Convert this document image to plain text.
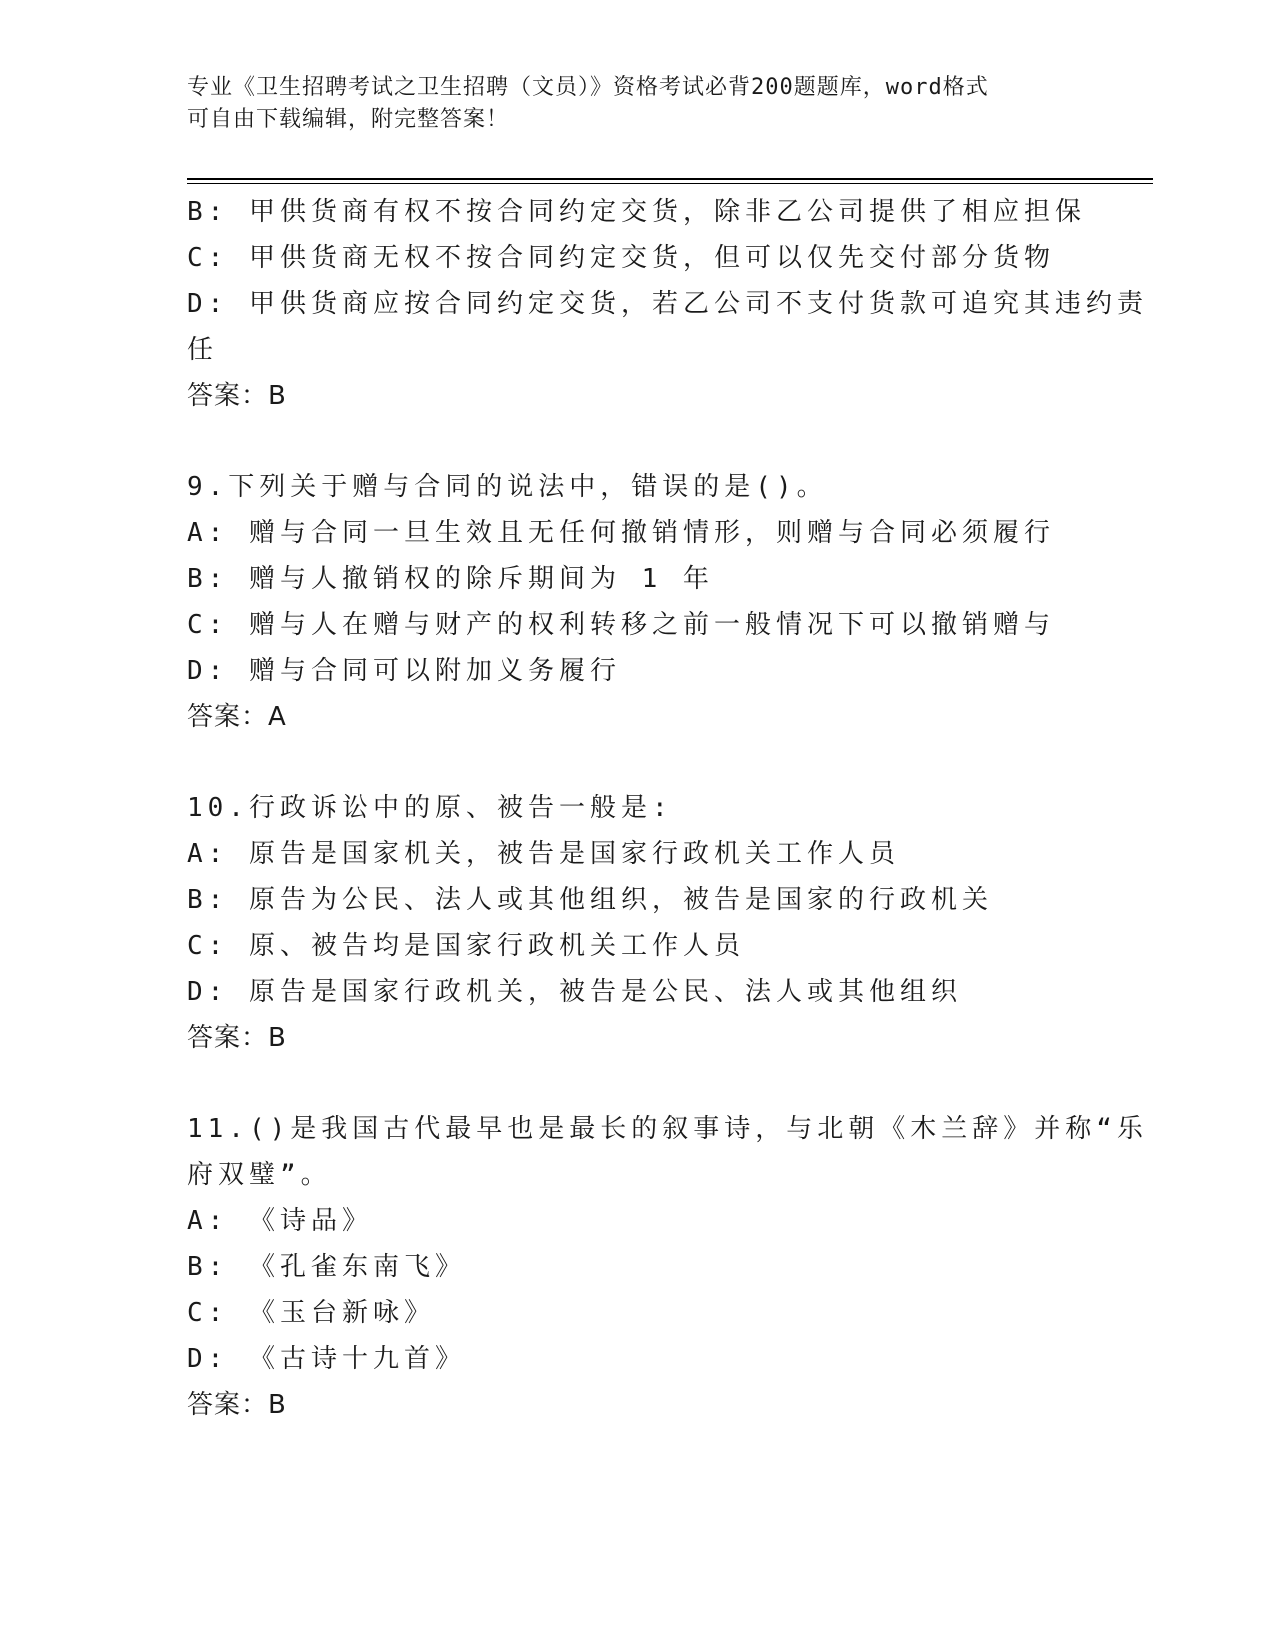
专业《卫生招聘考试之卫生招聘（文员）》资格考试必背200题题库，word格式
可自由下载编辑，附完整答案！
B: 甲供货商有权不按合同约定交货，除非乙公司提供了相应担保
C: 甲供货商无权不按合同约定交货，但可以仅先交付部分货物
D: 甲供货商应按合同约定交货，若乙公司不支付货款可追究其违约责
任
答案：B
9.下列关于赠与合同的说法中，错误的是()。
A: 赠与合同一旦生效且无任何撤销情形，则赠与合同必须履行
B: 赠与人撤销权的除斥期间为 1 年
C: 赠与人在赠与财产的权利转移之前一般情况下可以撤销赠与
D: 赠与合同可以附加义务履行
答案：A
10.行政诉讼中的原、被告一般是:
A: 原告是国家机关，被告是国家行政机关工作人员
B: 原告为公民、法人或其他组织，被告是国家的行政机关
C: 原、被告均是国家行政机关工作人员
D: 原告是国家行政机关，被告是公民、法人或其他组织
答案：B
11.()是我国古代最早也是最长的叙事诗，与北朝《木兰辞》并称“乐
府双璧”。
A: 《诗品》
B: 《孔雀东南飞》
C: 《玉台新咏》
D: 《古诗十九首》
答案：B
